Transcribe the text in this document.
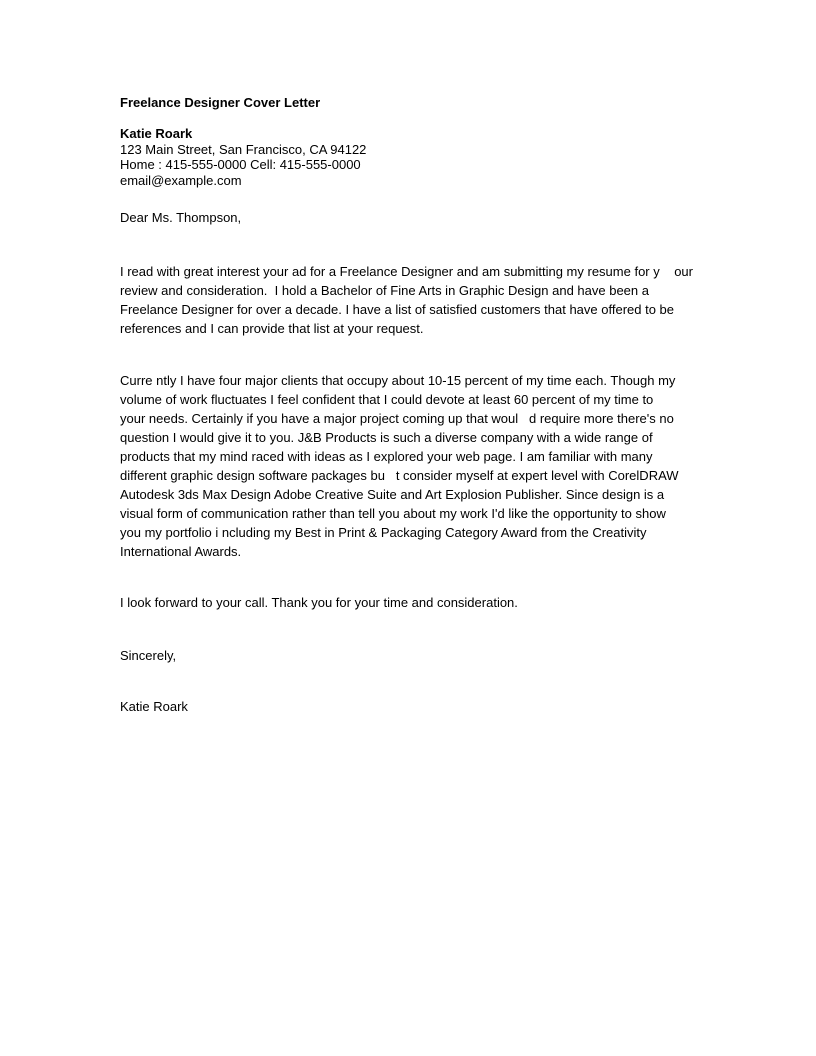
Freelance Designer Cover Letter
Katie Roark
123 Main Street, San Francisco, CA 94122
Home : 415-555-0000 Cell: 415-555-0000
email@example.com
Dear Ms. Thompson,
I read with great interest your ad for a Freelance Designer and am submitting my resume for y    our
review and consideration.  I hold a Bachelor of Fine Arts in Graphic Design and have been a
Freelance Designer for over a decade. I have a list of satisfied customers that have offered to be
references and I can provide that list at your request.
Curre ntly I have four major clients that occupy about 10-15 percent of my time each. Though my
volume of work fluctuates I feel confident that I could devote at least 60 percent of my time to
your needs. Certainly if you have a major project coming up that woul   d require more there's no
question I would give it to you. J&B Products is such a diverse company with a wide range of
products that my mind raced with ideas as I explored your web page. I am familiar with many
different graphic design software packages bu   t consider myself at expert level with CorelDRAW
Autodesk 3ds Max Design Adobe Creative Suite and Art Explosion Publisher. Since design is a
visual form of communication rather than tell you about my work I'd like the opportunity to show
you my portfolio i ncluding my Best in Print & Packaging Category Award from the Creativity
International Awards.
I look forward to your call. Thank you for your time and consideration.
Sincerely,
Katie Roark
